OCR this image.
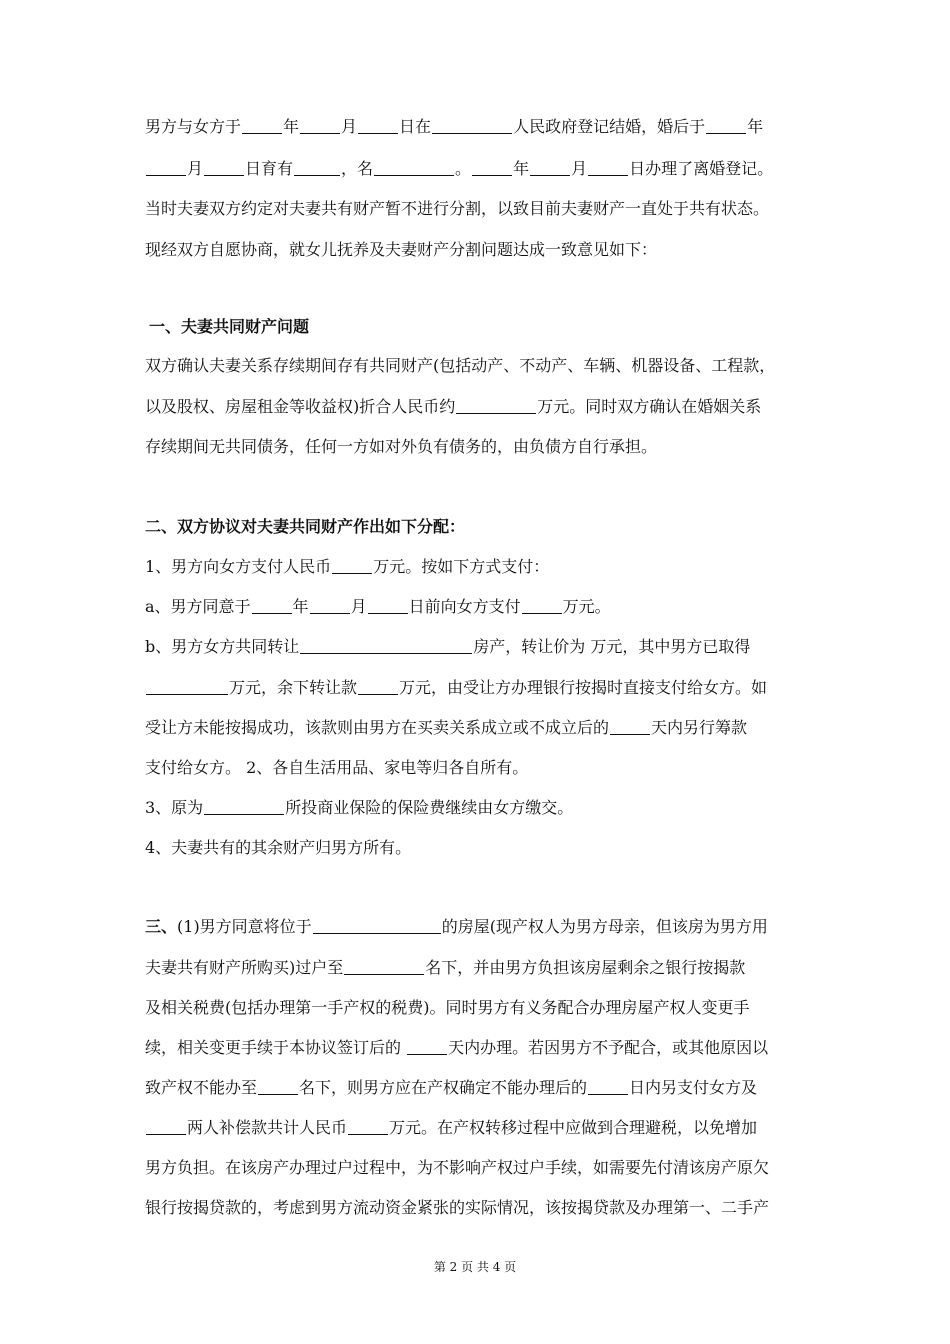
男方与女方于	年	月	日在	人民政府登记结婚，婚后于	年
月	日育有	，名	。	年	月	日办理了离婚登记。
当时夫妻双方约定对夫妻共有财产暂不进行分割，以致目前夫妻财产一直处于共有状态。
现经双方自愿协商，就女儿抚养及夫妻财产分割问题达成一致意见如下：
一、夫妻共同财产问题
双方确认夫妻关系存续期间存有共同财产(包括动产、不动产、车辆、机器设备、工程款，
以及股权、房屋租金等收益权)折合人民币约	万元。同时双方确认在婚姻关系
存续期间无共同债务，任何一方如对外负有债务的，由负债方自行承担。
二、双方协议对夫妻共同财产作出如下分配：
1、男方向女方支付人民币	万元。按如下方式支付：
a、男方同意于	年	月	日前向女方支付	万元。
b、男方女方共同转让	房产，转让价为 万元，其中男方已取得
万元，余下转让款	万元，由受让方办理银行按揭时直接支付给女方。如
受让方未能按揭成功，该款则由男方在买卖关系成立或不成立后的	天内另行筹款
支付给女方。 2、各自生活用品、家电等归各自所有。
3、原为	所投商业保险的保险费继续由女方缴交。
4、夫妻共有的其余财产归男方所有。
三、(1)男方同意将位于	的房屋(现产权人为男方母亲，但该房为男方用
夫妻共有财产所购买)过户至	名下，并由男方负担该房屋剩余之银行按揭款
及相关税费(包括办理第一手产权的税费)。同时男方有义务配合办理房屋产权人变更手
续，相关变更手续于本协议签订后的	天内办理。若因男方不予配合，或其他原因以
致产权不能办至	名下，则男方应在产权确定不能办理后的	日内另支付女方及
两人补偿款共计人民币	万元。在产权转移过程中应做到合理避税，以免增加
男方负担。在该房产办理过户过程中，为不影响产权过户手续，如需要先付清该房产原欠
银行按揭贷款的，考虑到男方流动资金紧张的实际情况，该按揭贷款及办理第一、二手产
第 2 页 共 4 页
